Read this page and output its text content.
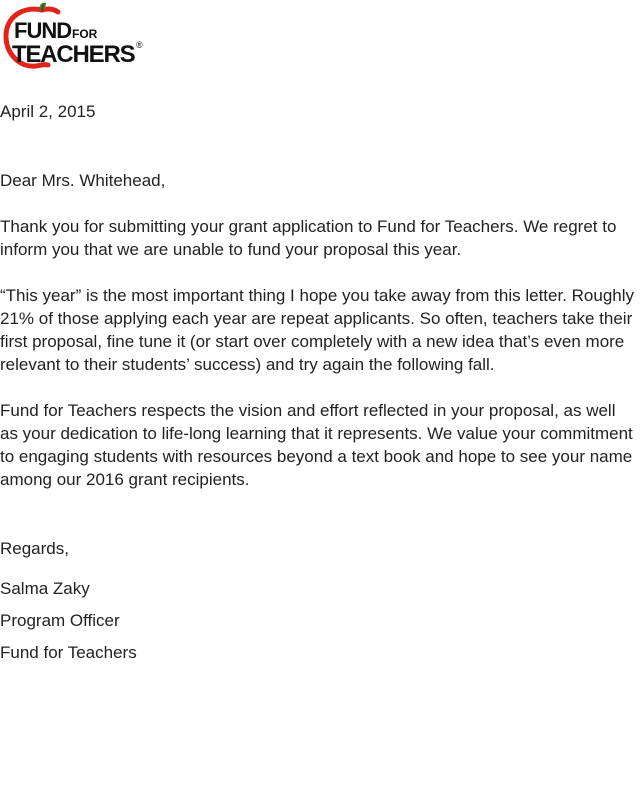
FUND FOR
TEACHERS ®

April 2, 2015

Dear Mrs. Whitehead,

Thank you for submitting your grant application to Fund for Teachers. We regret to inform you that we are unable to fund your proposal this year.

“This year” is the most important thing I hope you take away from this letter. Roughly 21% of those applying each year are repeat applicants. So often, teachers take their first proposal, fine tune it (or start over completely with a new idea that’s even more relevant to their students’ success) and try again the following fall.

Fund for Teachers respects the vision and effort reflected in your proposal, as well as your dedication to life-long learning that it represents. We value your commitment to engaging students with resources beyond a text book and hope to see your name among our 2016 grant recipients.

Regards,

Salma Zaky

Program Officer

Fund for Teachers
